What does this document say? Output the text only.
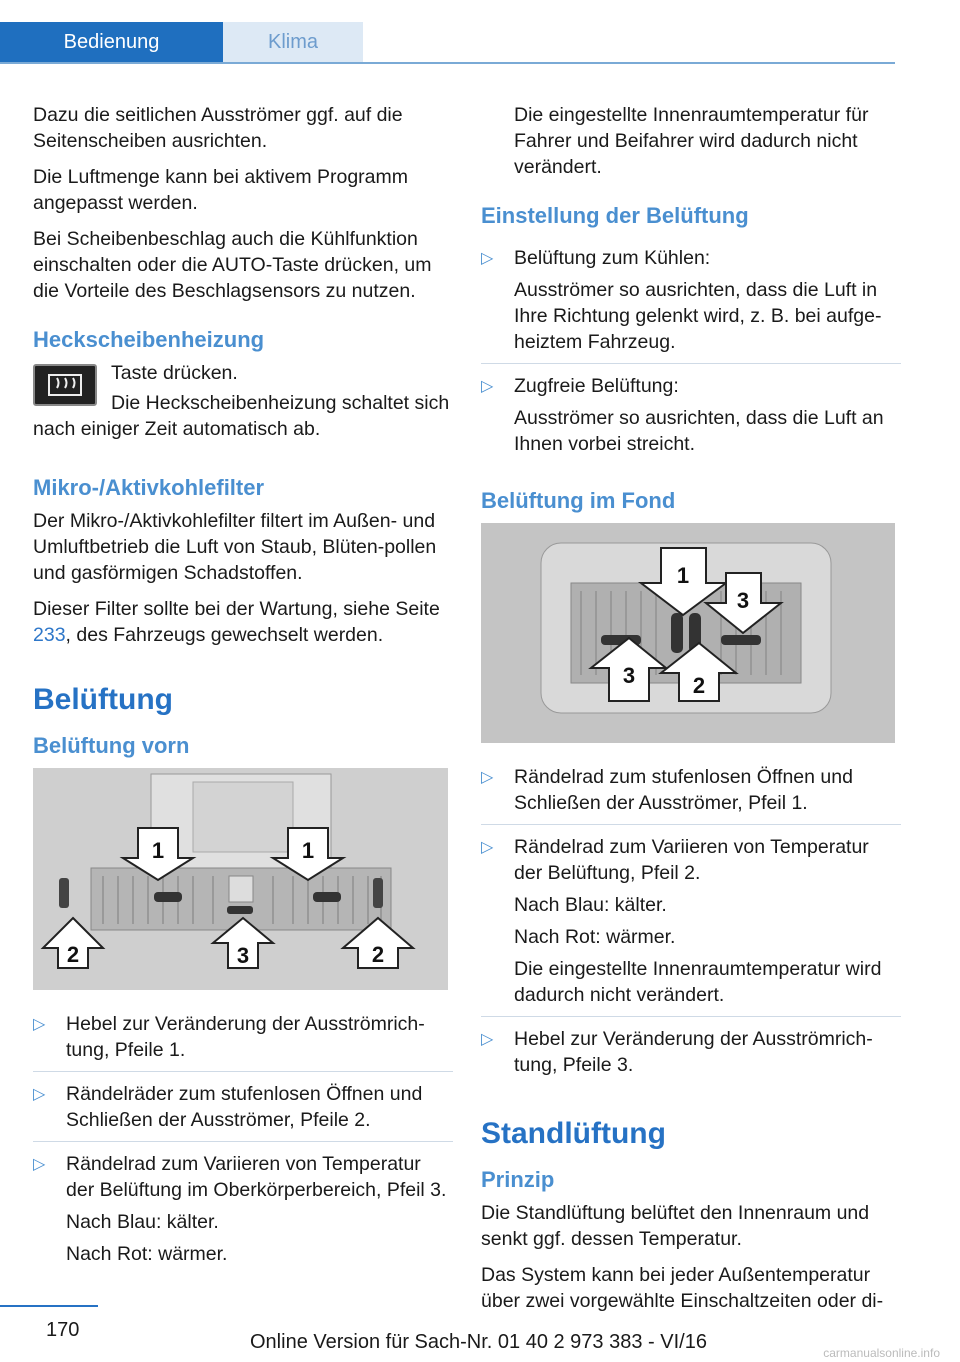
Bedienung	Klima

Dazu die seitlichen Ausströmer ggf. auf die Seitenscheiben ausrichten.

Die Luftmenge kann bei aktivem Programm angepasst werden.

Bei Scheibenbeschlag auch die Kühlfunktion einschalten oder die AUTO-Taste drücken, um die Vorteile des Beschlagsensors zu nutzen.

Heckscheibenheizung

Taste drücken.

Die Heckscheibenheizung schaltet sich nach einiger Zeit automatisch ab.

Mikro-/Aktivkohlefilter

Der Mikro-/Aktivkohlefilter filtert im Außen- und Umluftbetrieb die Luft von Staub, Blüten-pollen und gasförmigen Schadstoffen.

Dieser Filter sollte bei der Wartung, siehe Seite 233, des Fahrzeugs gewechselt werden.

Belüftung
Belüftung vorn
1	1
2	3	2
▷ Hebel zur Veränderung der Ausströmrich-tung, Pfeile 1.
▷ Rändelräder zum stufenlosen Öffnen und Schließen der Ausströmer, Pfeile 2.
▷ Rändelrad zum Variieren von Temperatur der Belüftung im Oberkörperbereich, Pfeil 3.
Nach Blau: kälter.
Nach Rot: wärmer.

Die eingestellte Innenraumtemperatur für Fahrer und Beifahrer wird dadurch nicht verändert.

Einstellung der Belüftung
▷ Belüftung zum Kühlen:
Ausströmer so ausrichten, dass die Luft in Ihre Richtung gelenkt wird, z. B. bei aufge-heiztem Fahrzeug.
▷ Zugfreie Belüftung:
Ausströmer so ausrichten, dass die Luft an Ihnen vorbei streicht.
Belüftung im Fond
1
3
3	2
▷ Rändelrad zum stufenlosen Öffnen und Schließen der Ausströmer, Pfeil 1.
▷ Rändelrad zum Variieren von Temperatur der Belüftung, Pfeil 2.
Nach Blau: kälter.
Nach Rot: wärmer.
Die eingestellte Innenraumtemperatur wird dadurch nicht verändert.
▷ Hebel zur Veränderung der Ausströmrich-tung, Pfeile 3.
Standlüftung
Prinzip

Die Standlüftung belüftet den Innenraum und senkt ggf. dessen Temperatur.

Das System kann bei jeder Außentemperatur über zwei vorgewählte Einschaltzeiten oder di-

170
Online Version für Sach-Nr. 01 40 2 973 383 - VI/16	carmanualsonline.info
